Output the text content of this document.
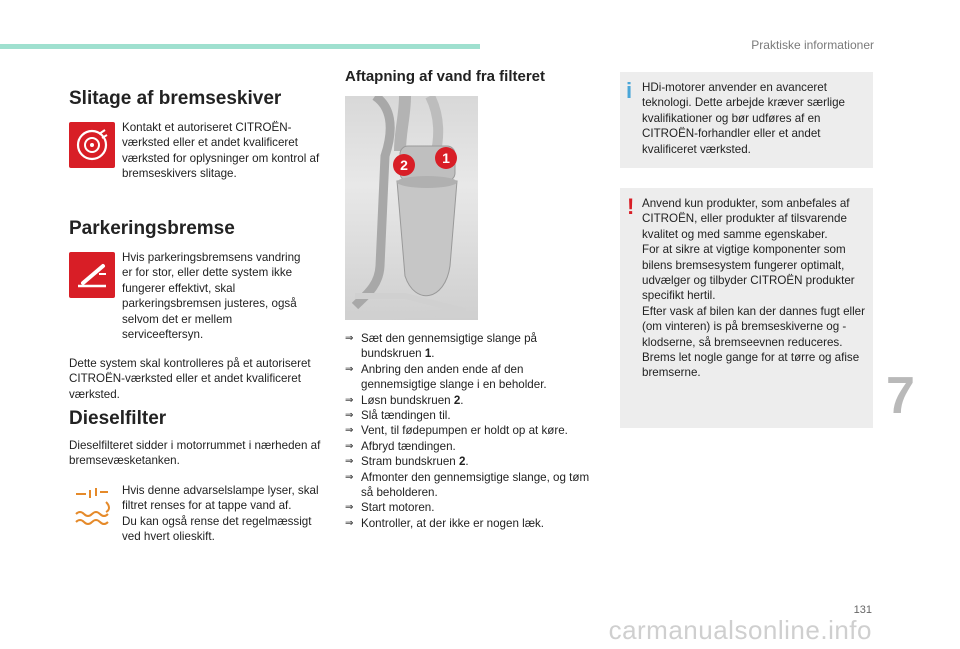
Praktiske informationer
Slitage af bremseskiver
Kontakt et autoriseret CITROËN-værksted eller et andet kvalificeret værksted for oplysninger om kontrol af bremseskivers slitage.
Parkeringsbremse
Hvis parkeringsbremsens vandring er for stor, eller dette system ikke fungerer effektivt, skal parkeringsbremsen justeres, også selvom det er mellem serviceeftersyn.
Dette system skal kontrolleres på et autoriseret CITROËN-værksted eller et andet kvalificeret værksted.
Dieselfilter
Dieselfilteret sidder i motorrummet i nærheden af bremsevæsketanken.
Hvis denne advarselslampe lyser, skal filtret renses for at tappe vand af.
Du kan også rense det regelmæssigt ved hvert olieskift.
Aftapning af vand fra filteret
2	1
⇒ Sæt den gennemsigtige slange på bundskruen 1.
⇒ Anbring den anden ende af den gennemsigtige slange i en beholder.
⇒ Løsn bundskruen 2.
⇒ Slå tændingen til.
⇒ Vent, til fødepumpen er holdt op at køre.
⇒ Afbryd tændingen.
⇒ Stram bundskruen 2.
⇒ Afmonter den gennemsigtige slange, og tøm så beholderen.
⇒ Start motoren.
⇒ Kontroller, at der ikke er nogen læk.
i HDi-motorer anvender en avanceret teknologi. Dette arbejde kræver særlige kvalifikationer og bør udføres af en CITROËN-forhandler eller et andet kvalificeret værksted.
! Anvend kun produkter, som anbefales af CITROËN, eller produkter af tilsvarende kvalitet og med samme egenskaber.
For at sikre at vigtige komponenter som bilens bremsesystem fungerer optimalt, udvælger og tilbyder CITROËN produkter specifikt hertil.
Efter vask af bilen kan der dannes fugt eller (om vinteren) is på bremseskiverne og -klodserne, så bremseevnen reduceres. Brems let nogle gange for at tørre og afise bremserne.	7
131
carmanualsonline.info
